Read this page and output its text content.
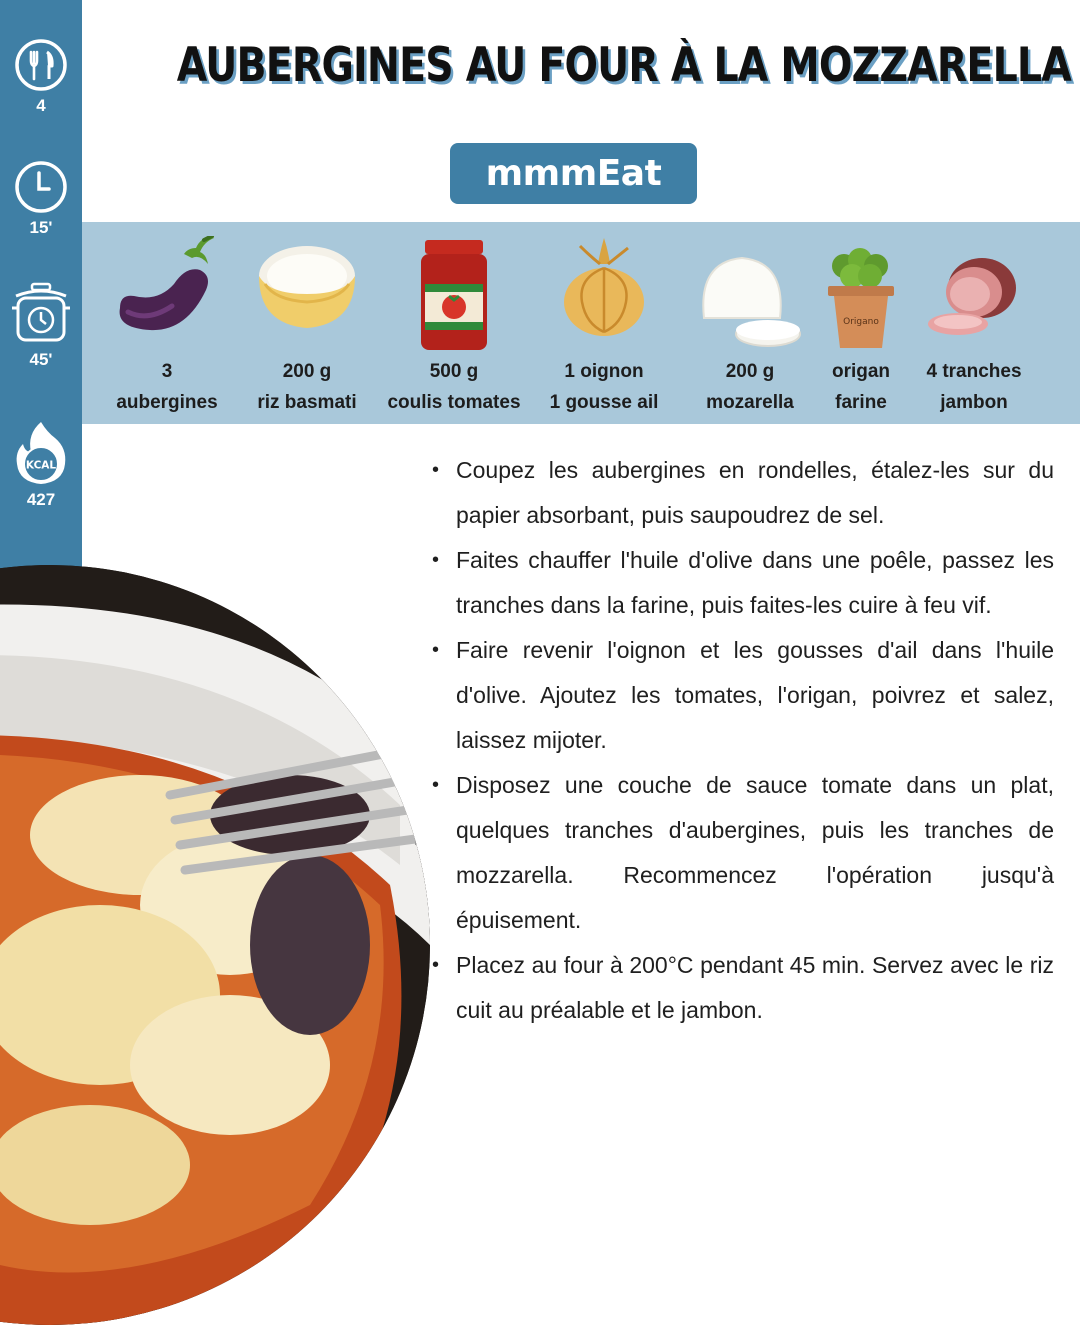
4
15'
45'
KCAL
427
AUBERGINES AU FOUR À LA MOZZARELLA
mmmEat
3
aubergines
200 g
riz basmati
500 g
coulis tomates
1 oignon
1 gousse ail
200 g
mozarella
Origano
origan
farine
4 tranches
jambon
• Coupez les aubergines en rondelles, étalez-les sur du papier absorbant, puis saupoudrez de sel.
• Faites chauffer l'huile d'olive dans une poêle, passez les tranches dans la farine, puis faites-les cuire à feu vif.
• Faire revenir l'oignon et les gousses d'ail dans l'huile d'olive. Ajoutez les tomates, l'origan, poivrez et salez, laissez mijoter.
• Disposez une couche de sauce tomate dans un plat, quelques tranches d'aubergines, puis les tranches de mozzarella. Recommencez l'opération jusqu'à épuisement.
• Placez au four à 200°C pendant 45 min. Servez avec le riz cuit au préalable et le jambon.
